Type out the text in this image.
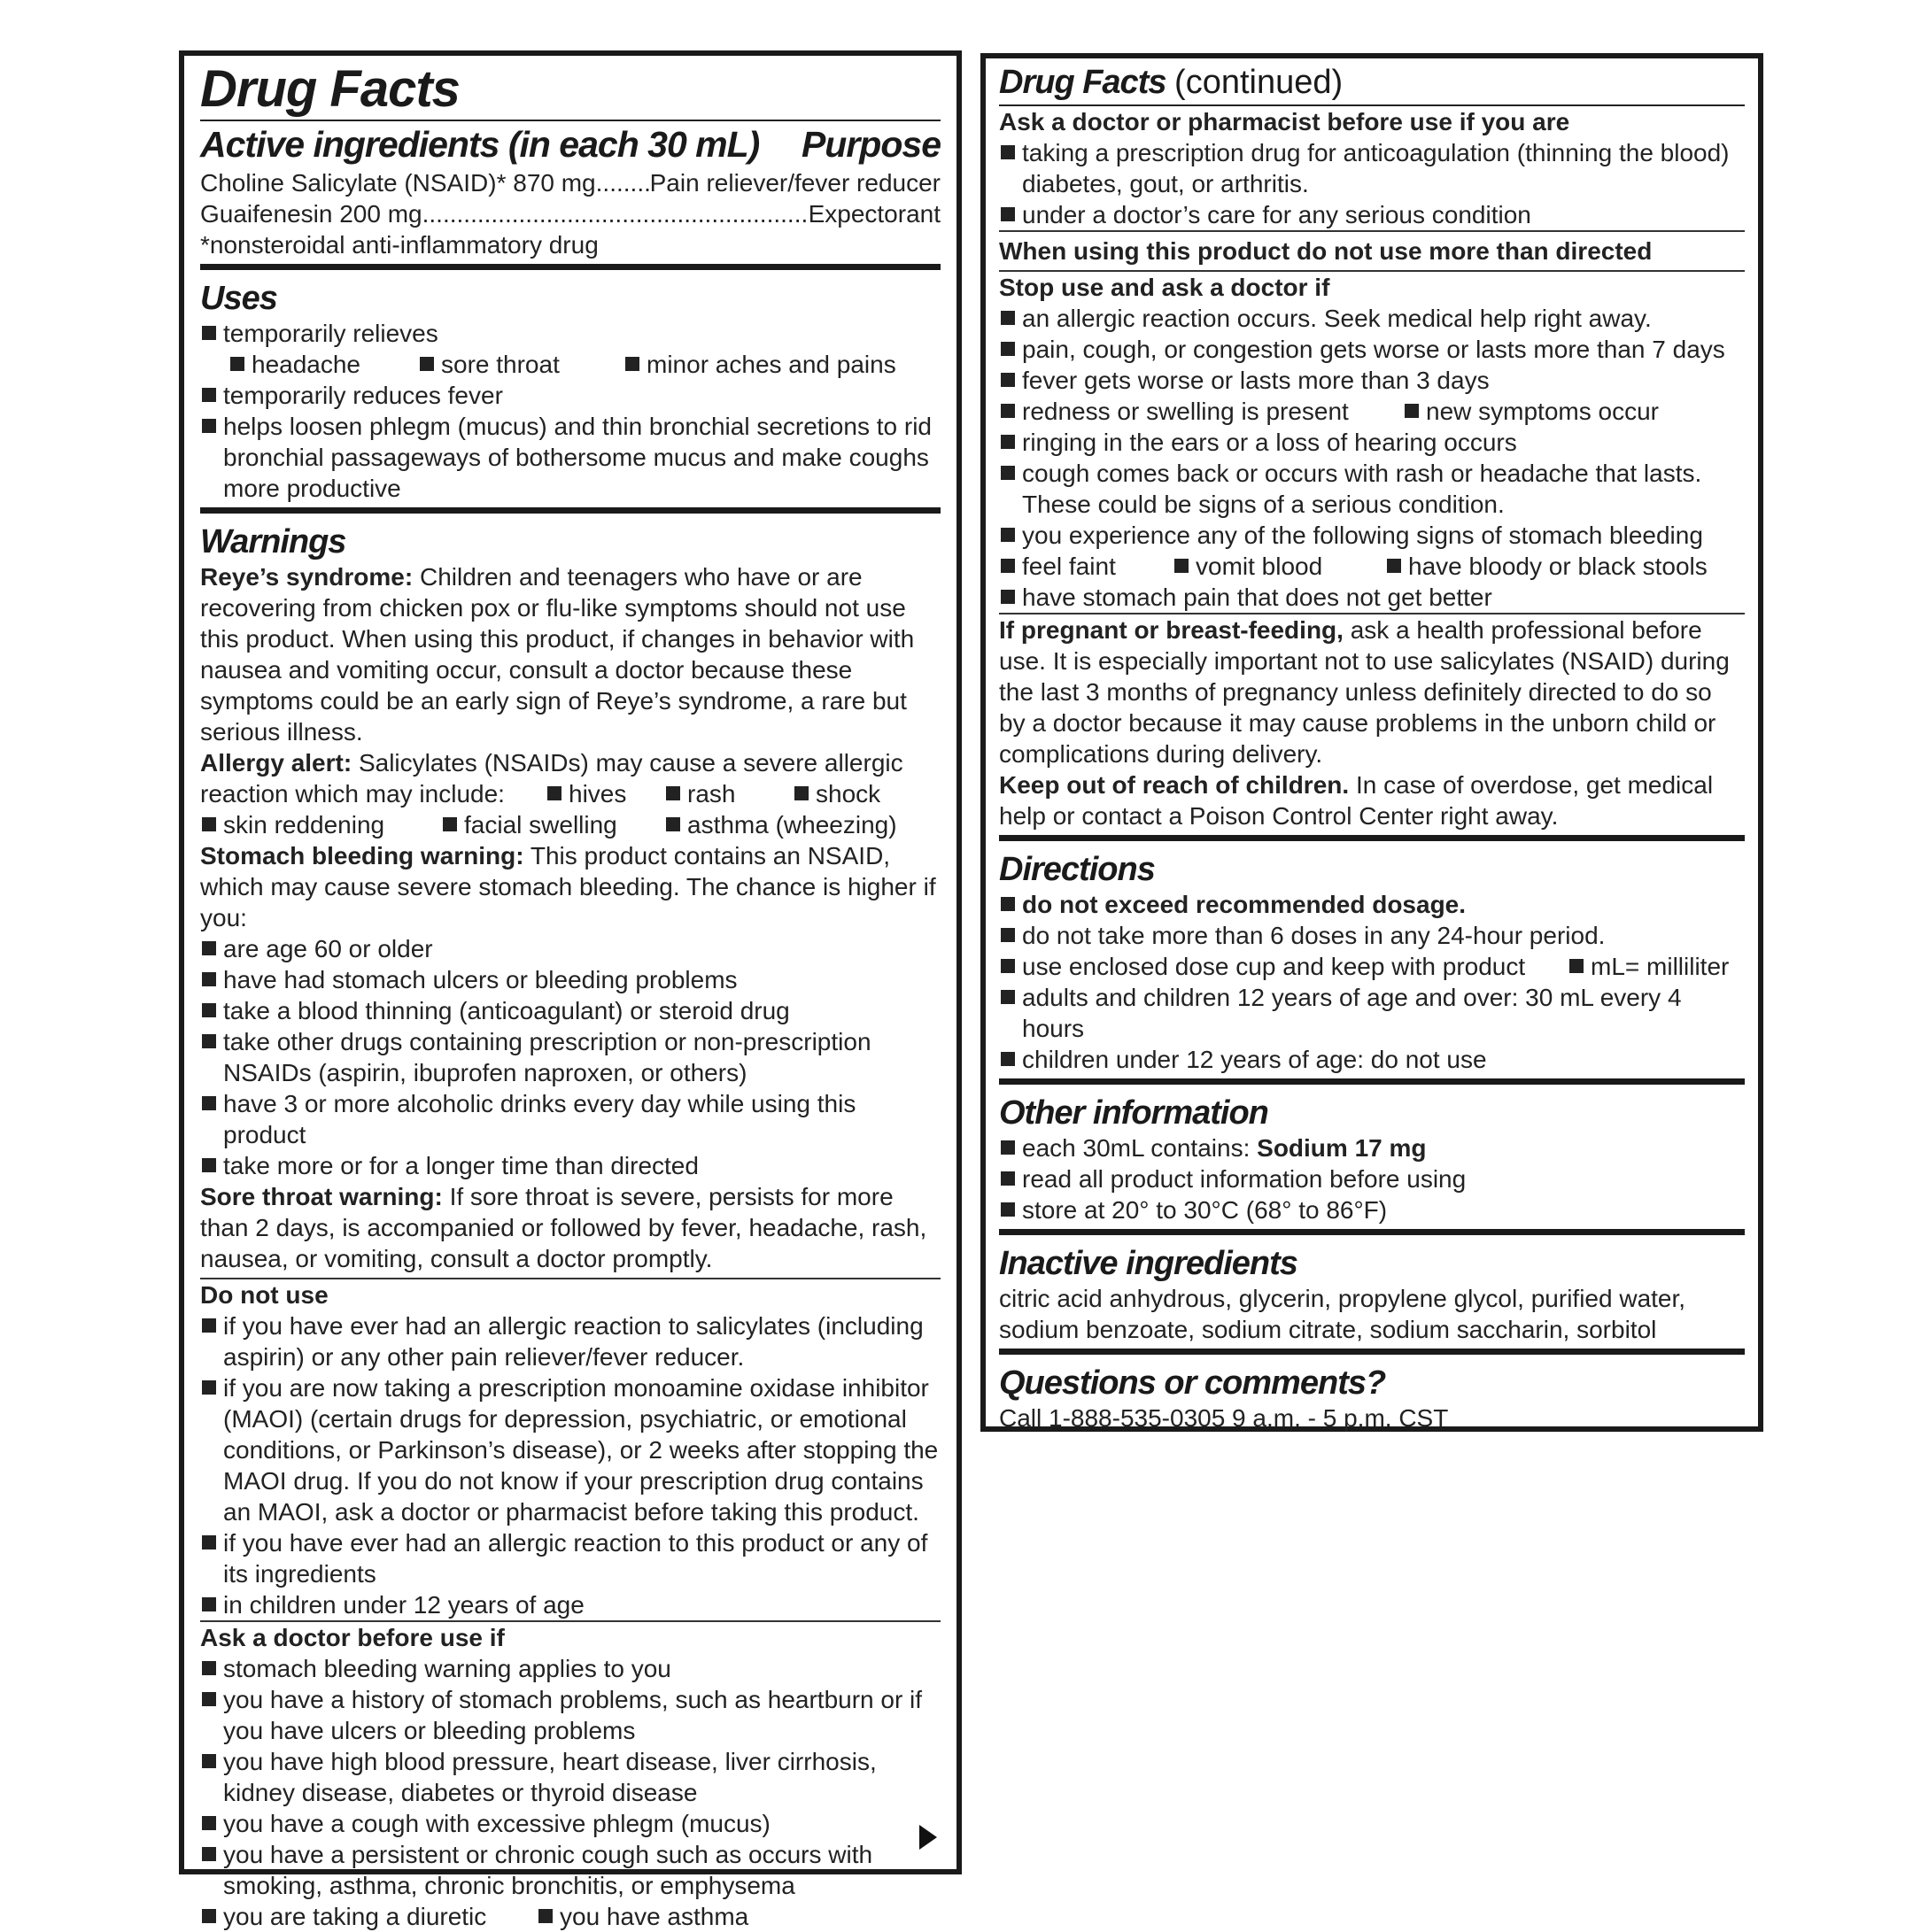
Drug Facts
Active ingredients (in each 30 mL) Purpose
Choline Salicylate (NSAID)* 870 mg ..... Pain reliever/fever reducer
Guaifenesin 200 mg .....	Expectorant
*nonsteroidal anti-inflammatory drug
Uses
temporarily relieves
headache	sore throat	minor aches and pains
temporarily reduces fever
helps loosen phlegm (mucus) and thin bronchial secretions to rid bronchial passageways of bothersome mucus and make coughs more productive
Warnings
Reye’s syndrome: Children and teenagers who have or are recovering from chicken pox or flu-like symptoms should not use this product. When using this product, if changes in behavior with nausea and vomiting occur, consult a doctor because these symptoms could be an early sign of Reye’s syndrome, a rare but serious illness.
Allergy alert: Salicylates (NSAIDs) may cause a severe allergic
reaction which may include:	hives rash	shock
skin reddening	facial swelling	asthma (wheezing)
Stomach bleeding warning: This product contains an NSAID, which may cause severe stomach bleeding. The chance is higher if you:
are age 60 or older
have had stomach ulcers or bleeding problems
take a blood thinning (anticoagulant) or steroid drug
take other drugs containing prescription or non-prescription NSAIDs (aspirin, ibuprofen naproxen, or others)
have 3 or more alcoholic drinks every day while using this product
take more or for a longer time than directed
Sore throat warning: If sore throat is severe, persists for more than 2 days, is accompanied or followed by fever, headache, rash, nausea, or vomiting, consult a doctor promptly.
Do not use
if you have ever had an allergic reaction to salicylates (including aspirin) or any other pain reliever/fever reducer.
if you are now taking a prescription monoamine oxidase inhibitor (MAOI) (certain drugs for depression, psychiatric, or emotional conditions, or Parkinson’s disease), or 2 weeks after stopping the MAOI drug. If you do not know if your prescription drug contains an MAOI, ask a doctor or pharmacist before taking this product.
if you have ever had an allergic reaction to this product or any of its ingredients
in children under 12 years of age
Ask a doctor before use if
stomach bleeding warning applies to you
you have a history of stomach problems, such as heartburn or if you have ulcers or bleeding problems
you have high blood pressure, heart disease, liver cirrhosis, kidney disease, diabetes or thyroid disease
you have a cough with excessive phlegm (mucus)
you have a persistent or chronic cough such as occurs with smoking, asthma, chronic bronchitis, or emphysema
you are taking a diuretic	you have asthma
Drug Facts (continued)
Ask a doctor or pharmacist before use if you are
taking a prescription drug for anticoagulation (thinning the blood) diabetes, gout, or arthritis.
under a doctor’s care for any serious condition
When using this product do not use more than directed
Stop use and ask a doctor if
an allergic reaction occurs. Seek medical help right away.
pain, cough, or congestion gets worse or lasts more than 7 days
fever gets worse or lasts more than 3 days
redness or swelling is present	new symptoms occur
ringing in the ears or a loss of hearing occurs
cough comes back or occurs with rash or headache that lasts. These could be signs of a serious condition.
you experience any of the following signs of stomach bleeding
feel faint	vomit blood	have bloody or black stools
have stomach pain that does not get better
If pregnant or breast-feeding, ask a health professional before use. It is especially important not to use salicylates (NSAID) during the last 3 months of pregnancy unless definitely directed to do so by a doctor because it may cause problems in the unborn child or complications during delivery.
Keep out of reach of children. In case of overdose, get medical help or contact a Poison Control Center right away.
Directions
do not exceed recommended dosage.
do not take more than 6 doses in any 24-hour period.
use enclosed dose cup and keep with product	mL= milliliter
adults and children 12 years of age and over: 30 mL every 4 hours
children under 12 years of age: do not use
Other information
each 30mL contains: Sodium 17 mg
read all product information before using
store at 20° to 30°C (68° to 86°F)
Inactive ingredients
citric acid anhydrous, glycerin, propylene glycol, purified water, sodium benzoate, sodium citrate, sodium saccharin, sorbitol
Questions or comments?
Call 1-888-535-0305 9 a.m. - 5 p.m. CST
